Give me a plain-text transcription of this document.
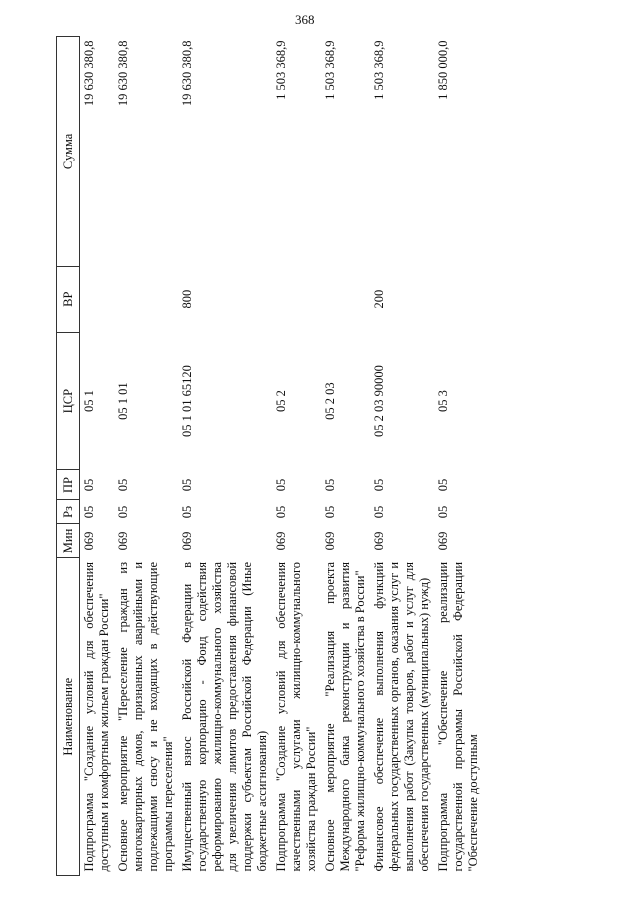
368
Наименование	Мин	Рз	ПР	ЦСР	ВР	Сумма
Подпрограмма "Создание условий для обеспечения доступным и комфортным жильем граждан России"	069	05	05	05 1		19 630 380,8
Основное мероприятие "Переселение граждан из многоквартирных домов, признанных аварийными и подлежащими сносу и не входящих в действующие программы переселения"	069	05	05	05 1 01		19 630 380,8
Имущественный взнос Российской Федерации в государственную корпорацию - Фонд содействия реформированию жилищно-коммунального хозяйства для увеличения лимитов предоставления финансовой поддержки субъектам Российской Федерации (Иные бюджетные ассигнования)	069	05	05	05 1 01 65120	800	19 630 380,8
Подпрограмма "Создание условий для обеспечения качественными услугами жилищно-коммунального хозяйства граждан России"	069	05	05	05 2		1 503 368,9
Основное мероприятие "Реализация проекта Международного банка реконструкции и развития "Реформа жилищно-коммунального хозяйства в России"	069	05	05	05 2 03		1 503 368,9
Финансовое обеспечение выполнения функций федеральных государственных органов, оказания услуг и выполнения работ (Закупка товаров, работ и услуг для обеспечения государственных (муниципальных) нужд)	069	05	05	05 2 03 90000	200	1 503 368,9
Подпрограмма "Обеспечение реализации государственной программы Российской Федерации "Обеспечение доступным	069	05	05	05 3		1 850 000,0
